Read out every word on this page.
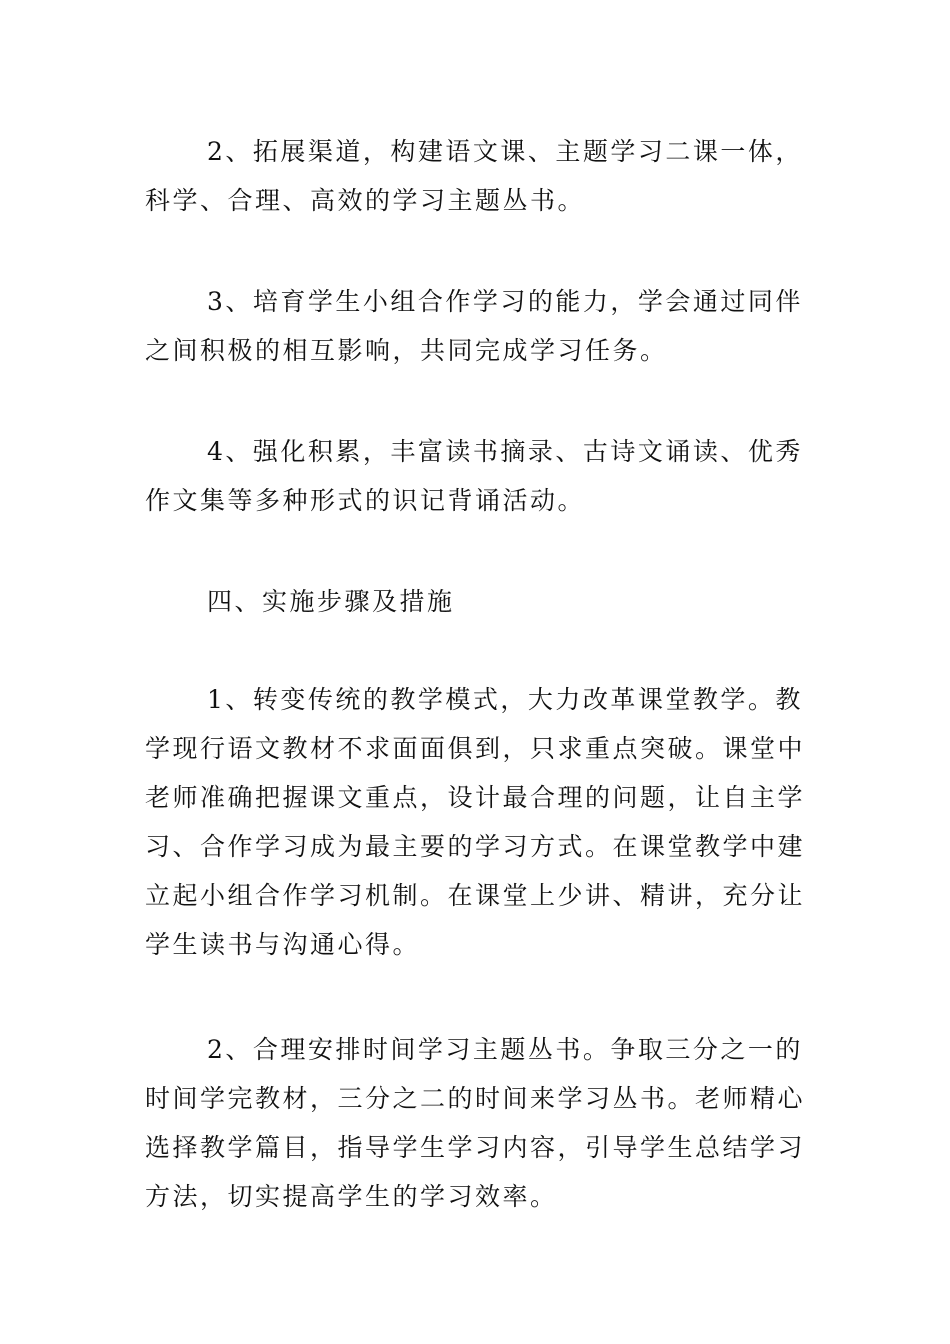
2、拓展渠道，构建语文课、主题学习二课一体，科学、合理、高效的学习主题丛书。

3、培育学生小组合作学习的能力，学会通过同伴之间积极的相互影响，共同完成学习任务。

4、强化积累，丰富读书摘录、古诗文诵读、优秀作文集等多种形式的识记背诵活动。

四、实施步骤及措施

1、转变传统的教学模式，大力改革课堂教学。教学现行语文教材不求面面俱到，只求重点突破。课堂中老师准确把握课文重点，设计最合理的问题，让自主学习、合作学习成为最主要的学习方式。在课堂教学中建立起小组合作学习机制。在课堂上少讲、精讲，充分让学生读书与沟通心得。

2、合理安排时间学习主题丛书。争取三分之一的时间学完教材，三分之二的时间来学习丛书。老师精心选择教学篇目，指导学生学习内容，引导学生总结学习方法，切实提高学生的学习效率。
